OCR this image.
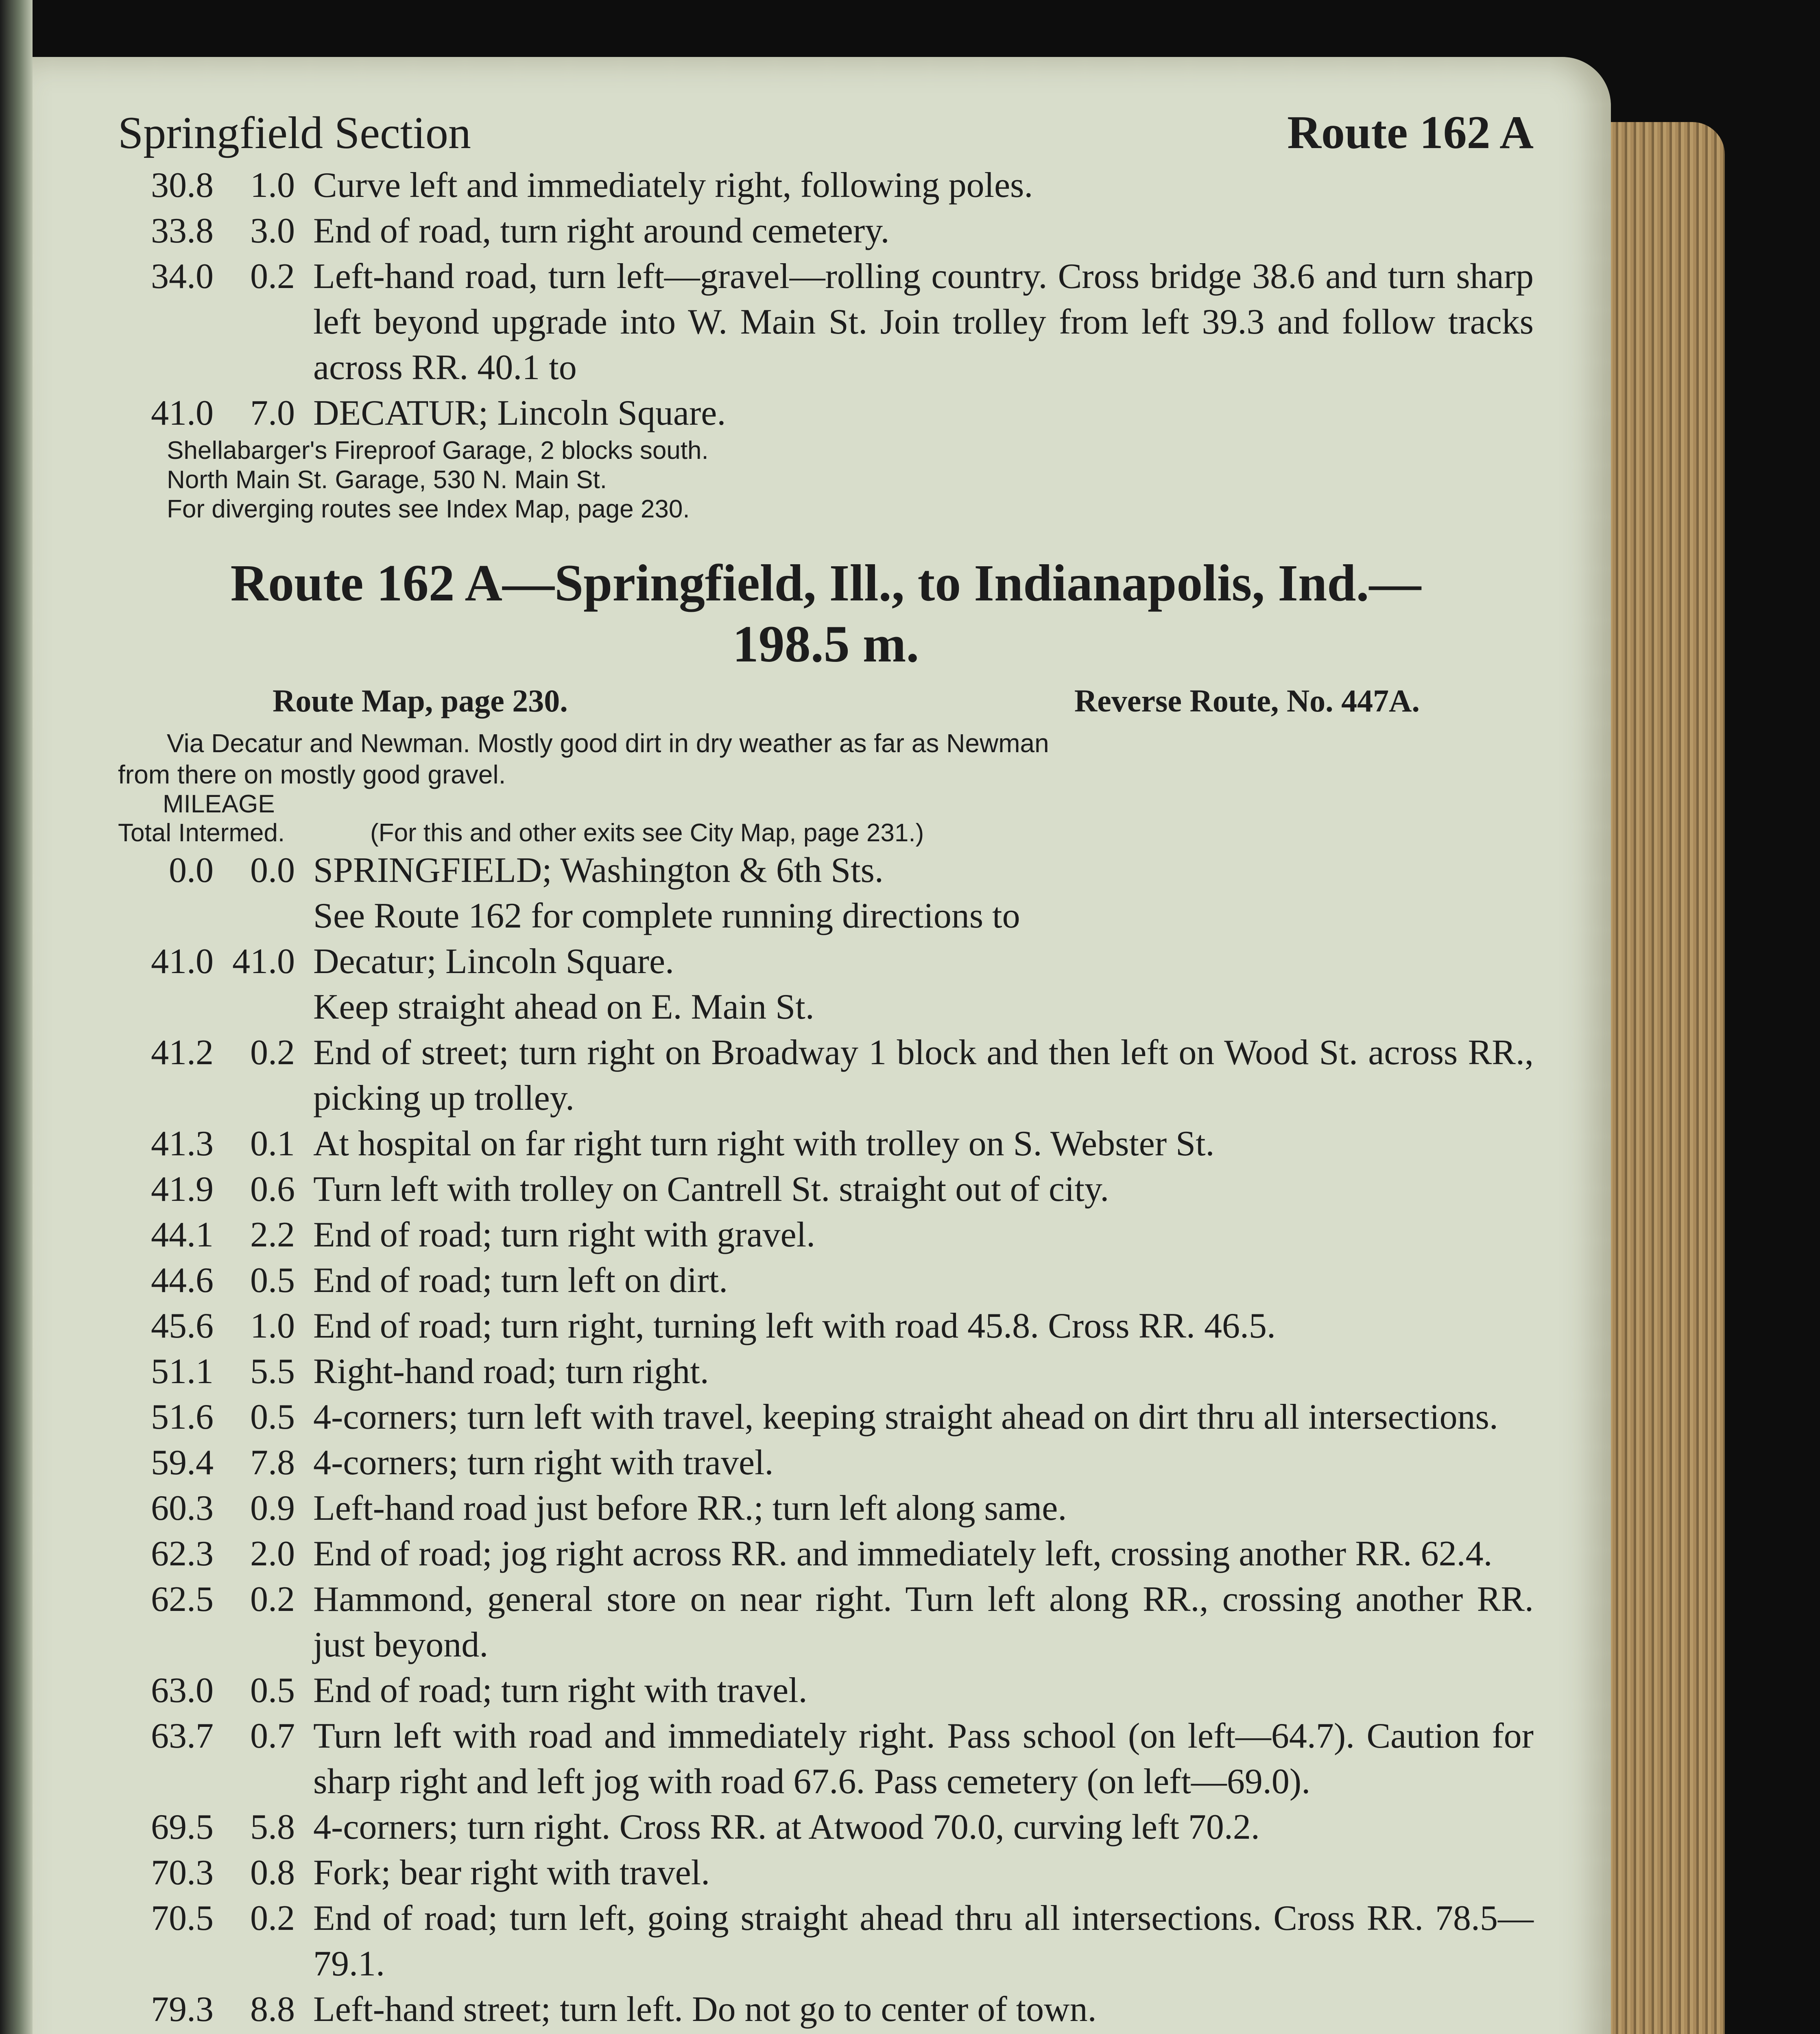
Springfield Section	Route 162 A
30.8	1.0 Curve left and immediately right, following poles.
33.8	3.0 End of road, turn right around cemetery.
34.0	0.2 Left-hand road, turn left—gravel—rolling country. Cross bridge 38.6 and turn sharp left beyond upgrade into W. Main St. Join trolley from left 39.3 and follow tracks across RR. 40.1 to
41.0	7.0 DECATUR; Lincoln Square.
Shellabarger's Fireproof Garage, 2 blocks south.
North Main St. Garage, 530 N. Main St.
For diverging routes see Index Map, page 230.
Route 162 A—Springfield, Ill., to Indianapolis, Ind.—
198.5 m.
Route Map, page 230.	Reverse Route, No. 447A.
Via Decatur and Newman. Mostly good dirt in dry weather as far as Newman
from there on mostly good gravel.
MILEAGE
Total Intermed.	(For this and other exits see City Map, page 231.)
0.0	0.0 SPRINGFIELD; Washington & 6th Sts.
See Route 162 for complete running directions to
41.0 41.0 Decatur; Lincoln Square.
Keep straight ahead on E. Main St.
41.2	0.2 End of street; turn right on Broadway 1 block and then left on Wood St. across RR., picking up trolley.
41.3	0.1 At hospital on far right turn right with trolley on S. Webster St.
41.9	0.6 Turn left with trolley on Cantrell St. straight out of city.
44.1	2.2 End of road; turn right with gravel.
44.6	0.5 End of road; turn left on dirt.
45.6	1.0 End of road; turn right, turning left with road 45.8. Cross RR. 46.5.
51.1	5.5 Right-hand road; turn right.
51.6	0.5 4-corners; turn left with travel, keeping straight ahead on dirt thru all intersections.
59.4	7.8 4-corners; turn right with travel.
60.3	0.9 Left-hand road just before RR.; turn left along same.
62.3	2.0 End of road; jog right across RR. and immediately left, crossing another RR. 62.4.
62.5	0.2 Hammond, general store on near right. Turn left along RR., crossing another RR. just beyond.
63.0	0.5 End of road; turn right with travel.
63.7	0.7 Turn left with road and immediately right. Pass school (on left—64.7). Caution for sharp right and left jog with road 67.6. Pass cemetery (on left—69.0).
69.5	5.8 4-corners; turn right. Cross RR. at Atwood 70.0, curving left 70.2.
70.3	0.8 Fork; bear right with travel.
70.5	0.2 End of road; turn left, going straight ahead thru all intersections. Cross RR. 78.5—79.1.
79.3	8.8 Left-hand street; turn left. Do not go to center of town.
